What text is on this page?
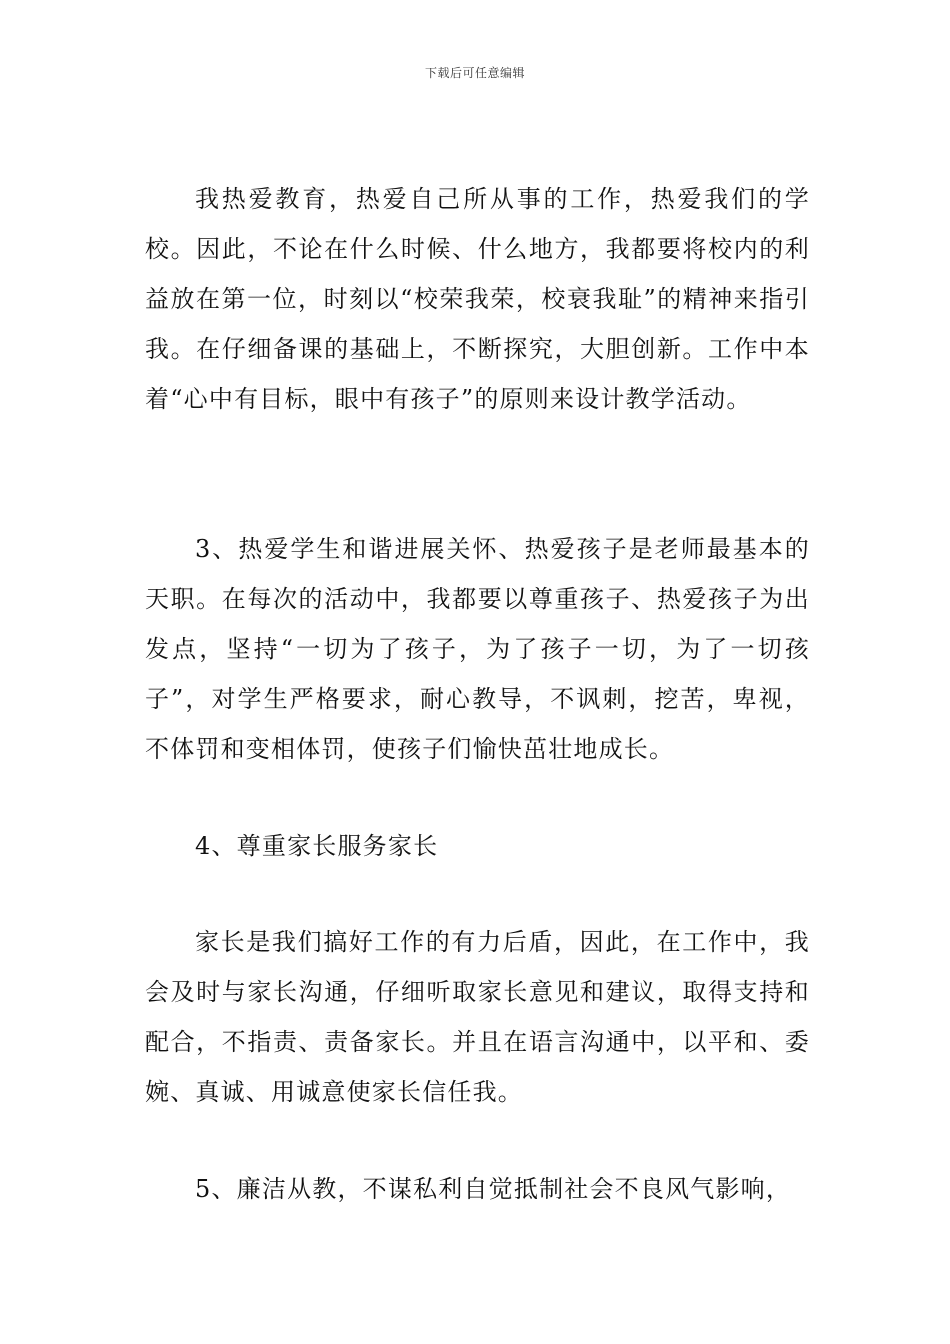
下载后可任意编辑

我热爱教育，热爱自己所从事的工作，热爱我们的学校。因此，不论在什么时候、什么地方，我都要将校内的利益放在第一位，时刻以“校荣我荣，校衰我耻”的精神来指引我。在仔细备课的基础上，不断探究，大胆创新。工作中本着“心中有目标，眼中有孩子”的原则来设计教学活动。

3、热爱学生和谐进展关怀、热爱孩子是老师最基本的天职。在每次的活动中，我都要以尊重孩子、热爱孩子为出发点，坚持“一切为了孩子，为了孩子一切，为了一切孩子”，对学生严格要求，耐心教导，不讽刺，挖苦，卑视，不体罚和变相体罚，使孩子们愉快茁壮地成长。

4、尊重家长服务家长

家长是我们搞好工作的有力后盾，因此，在工作中，我会及时与家长沟通，仔细听取家长意见和建议，取得支持和配合，不指责、责备家长。并且在语言沟通中，以平和、委婉、真诚、用诚意使家长信任我。

5、廉洁从教，不谋私利自觉抵制社会不良风气影响，
